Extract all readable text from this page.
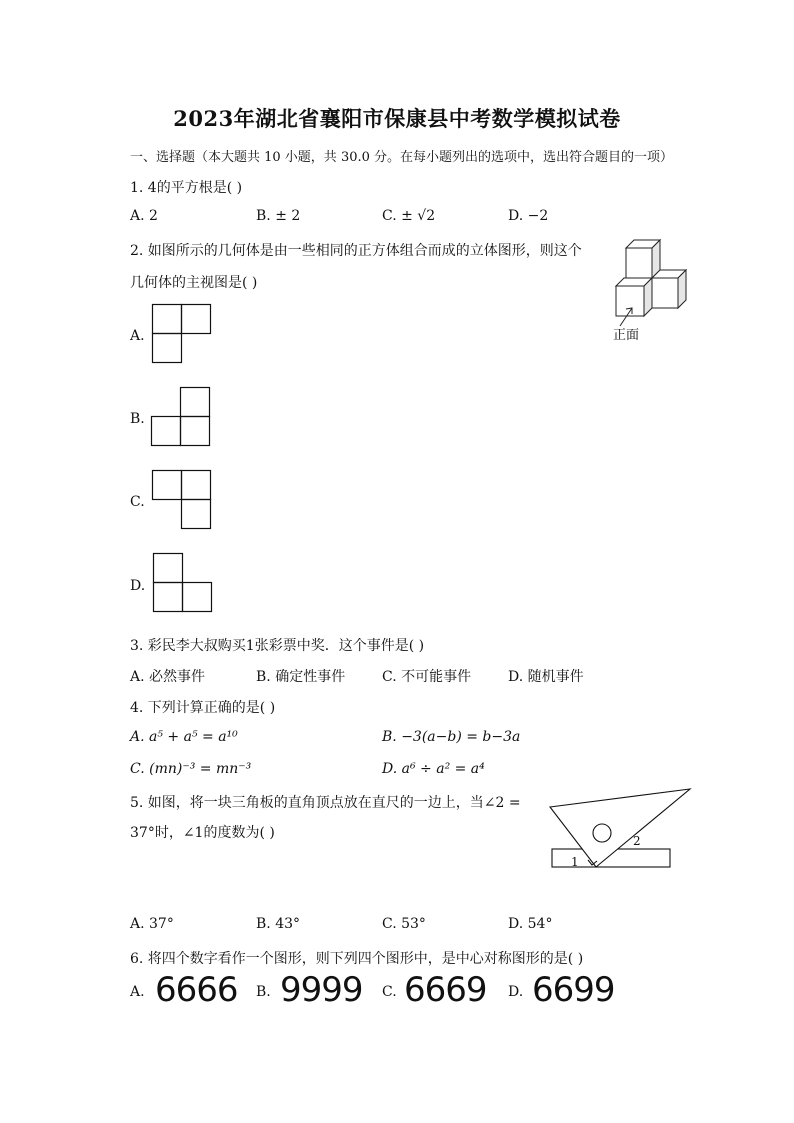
2023年湖北省襄阳市保康县中考数学模拟试卷
一、选择题（本大题共 10 小题，共 30.0 分。在每小题列出的选项中，选出符合题目的一项）
1. 4的平方根是( )
A. 2	B. ± 2	C. ± √2	D. −2
2. 如图所示的几何体是由一些相同的正方体组合而成的立体图形，则这个
几何体的主视图是( )
正面
A.
B.
C.
D.
3. 彩民李大叔购买1张彩票中奖．这个事件是( )
A. 必然事件	B. 确定性事件	C. 不可能事件	D. 随机事件
4. 下列计算正确的是( )
A. a⁵ + a⁵ = a¹⁰	B. −3(a−b) = b−3a
C. (mn)⁻³ = mn⁻³	D. a⁶ ÷ a² = a⁴
5. 如图，将一块三角板的直角顶点放在直尺的一边上，当∠2 =
37°时，∠1的度数为( )
1
2
A. 37°	B. 43°	C. 53°	D. 54°
6. 将四个数字看作一个图形，则下列四个图形中，是中心对称图形的是( )
A. 6666 B. 9999 C. 6669 D. 6699
